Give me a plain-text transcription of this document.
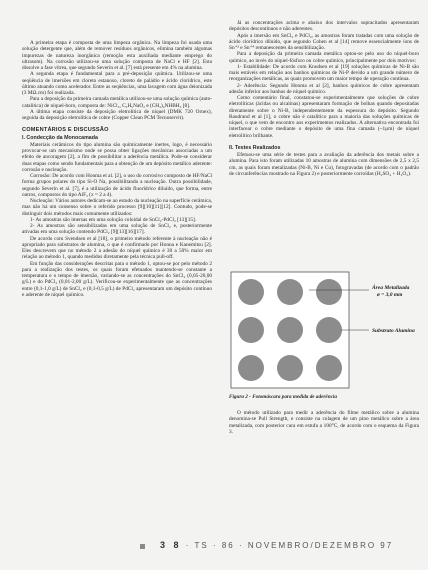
A primeira etapa é composta de uma limpeza orgânica. Na limpeza foi usada uma solução detergente que, além de remover resíduos orgânicos, elimina também algumas impurezas de natureza inorgânica (remoção esta auxiliada mediante emprego do ultrasom). Na corrosão utilizou-se uma solução composta de NaCl e HF [2]. Esta dissolve a fase vítrea, que segundo Severin et al. [7] está presente em 4% na alumina.

A segunda etapa é fundamental para a pré-deposição química. Utilizou-se uma seqüência de imersões em cloreto estanoso, cloreto de paládio e ácido clorídrico, este último atuando como acelerador. Entre as seqüências, uma lavagem com água deionizada (3 MΩ.cm) foi realizada.

Para a deposição da primeira camada metálica utilizou-se uma solução química (auto-catalítica) de níquel-boro, composta de: NiCl₂, C₂H₅NaO₂ e (CH₃)₂NHBH₃ [8].

A última etapa consiste da deposição eletrolítica de níquel (DMK 720 Ornex), seguida da deposição eletrolítica de cobre (Copper Clean PCM Tecnoservit).

COMENTÁRIOS E DISCUSSÃO
I. Condecção da Monocamada

Materiais cerâmicos do tipo alumina são quimicamente inertes, logo, é necessário provocar-se um mecanismo onde se possa obter ligações mecânicas associadas a um efeito de ancoragem [2], a fim de possibilitar a aderência metálica. Pode-se considerar duas etapas como sendo fundamentais para a obtenção de um depósito metálico aderente: corrosão e nucleação.

Corrosão: De acordo com Honma et al. [2], o uso do corrosivo composto de HF/NaCl forma grupos polares do tipo Si-O Na, possibilitando a nucleação. Outra possibilidade, segundo Severin et al. [7], é a utilização de ácido fluorídrico diluído, que forma, entre outros, compostos do tipo AlF₃ (x = 2 a 4).

Nucleação: Vários autores dedicam-se ao estudo da nucleação na superfície cerâmica, mas não há um consenso sobre o referido processo [9][10][11][12]. Contudo, pode-se distinguir dois métodos mais comumente utilizados:

1- As amostras são imersas em uma solução coloidal de SnCl₂-PdCl₂ [13][15].

2- As amostras são sensibilizadas em uma solução de SnCl₂ e, posteriormente ativadas em uma solução contendo PdCl₂ [9][13][16][17].

De acordo com Svendsen et al [18], o primeiro método referente à nucleação não é apropriado para substratos de alumina, o que é confirmado por Honna e Kanemitsu [2]. Eles descrevem que no método 2 a adesão do níquel químico é 30 a 50% maior em relação ao método 1, quando medidos diretamente pela técnica pull-off.

Em função das considerações descritas para o método 1, optou-se por pelo método 2 para a realização dos testes, os quais foram efetuados mantendo-se constante a temperatura e o tempo de imersão, variando-se as concentrações do SnCl₂ (0,05-20,00 g/L) e do PdCl₂ (0,01-2,00 g/L). Verificou-se experimentalmente que as concentrações entre (0,1-1,0 g/L) de SnCl₂ e (0,1-0,5 g/L) de PdCl₂ apresentaram um depósito contínuo e aderente de níquel químico.

Já as concentrações acima e abaixo dos intervalos supracitados apresentaram depósitos descontínuos e não aderentes.

Após a imersão em SnCl₂ e PdCl₂, as amostras foram tratadas com uma solução de ácido clorídrico diluído, que segundo Cohen et al [14] remove essencialmente íons de Sn⁺² e Sn⁺⁴ remanescentes da sensibilização.

Para a deposição da primeira camada metálica optou-se pelo uso do níquel-boro químico, ao invés do níquel-fósforo ou cobre químico, principalmente por dois motivos:

1- Estabilidade: De acordo com Knudsen et al [19] soluções químicas de Ni-B são mais estáveis em relação aos banhos químicos de Ni-P devido a um grande número de reorganizações metálicas, as quais promovem um maior tempo de operação contínua.

2- Aderência: Segundo Honma et al [2], banhos químicos de cobre apresentam adesão inferior aos banhos de níquel químico.

Como comentário final, constatou-se experimentalmente que soluções de cobre eletrolíticas (ácidas ou alcalinas) apresentaram formação de bolhas quando depositadas diretamente sobre o Ni-B, independentemente da espessura do depósito. Segundo Baudrand et al [1], o cobre não é catalítico para a maioria das soluções químicas de níquel, o que vem de encontro aos experimentos realizados. A alternativa encontrada foi interfacear o cobre mediante o depósito de uma fina camada (~1µm) de níquel eletrolítico brilhante.

II. Testes Realizados

Efetuou-se uma série de testes para a avaliação da aderência dos metais sobre a alumina. Para isto foram utilizadas 10 amostras de alumina com dimensões de 2,5 x 2,5 cm, as quais foram metalizadas (Ni-B, Ni e Cu), fotogravadas (de acordo com o padrão de circunferências mostrado na Figura 2) e posteriormente corroídas (H₂SO₄ + H₂O₂).

Área Metalizada
ø = 3,0 mm
Substrato Alumina
Figura 2 - Fotomáscara para medida de aderência

O método utilizado para medir a aderência do filme metálico sobre a alumina denomina-se Pull Strength, e consiste na colagem de um pino metálico sobre a área metalizada, com posterior cura em estufa a 100°C, de acordo com o esquema da Figura 3.

3 8 · TS · 86 · NOVEMBRO/DEZEMBRO 97
